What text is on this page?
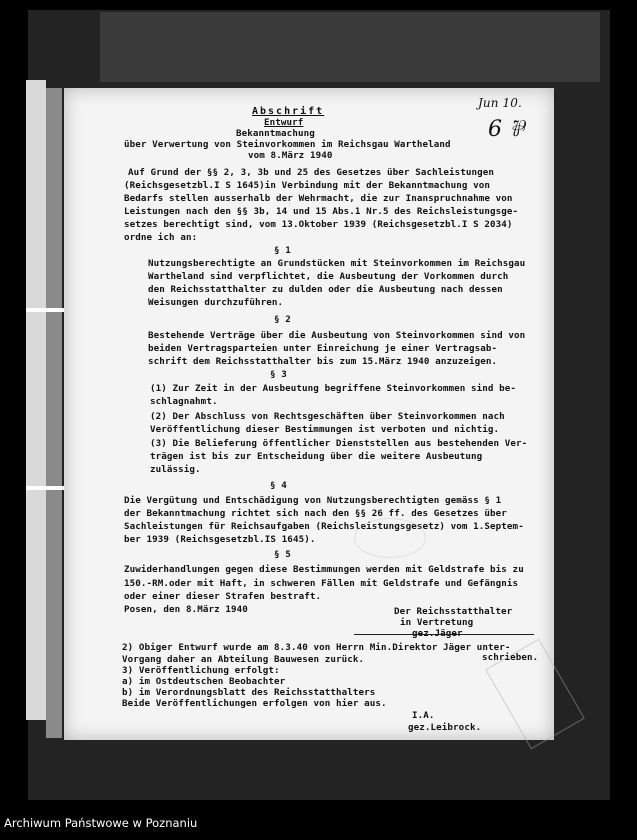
Abschrift
Entwurf
Jun 10.
6 ⅌
Bekanntmachung
über Verwertung von Steinvorkommen im Reichsgau Wartheland
vom 8.März 1940
Auf Grund der §§ 2, 3, 3b und 25 des Gesetzes über Sachleistungen
(Reichsgesetzbl.I S 1645)in Verbindung mit der Bekanntmachung von
Bedarfs stellen ausserhalb der Wehrmacht, die zur Inanspruchnahme von
Leistungen nach den §§ 3b, 14 und 15 Abs.1 Nr.5 des Reichsleistungsge-
setzes berechtigt sind, vom 13.Oktober 1939 (Reichsgesetzbl.I S 2034)
ordne ich an:
§ 1
Nutzungsberechtigte an Grundstücken mit Steinvorkommen im Reichsgau
Wartheland sind verpflichtet, die Ausbeutung der Vorkommen durch
den Reichsstatthalter zu dulden oder die Ausbeutung nach dessen
Weisungen durchzuführen.
§ 2
Bestehende Verträge über die Ausbeutung von Steinvorkommen sind von
beiden Vertragsparteien unter Einreichung je einer Vertragsab-
schrift dem Reichsstatthalter bis zum 15.März 1940 anzuzeigen.
§ 3
(1) Zur Zeit in der Ausbeutung begriffene Steinvorkommen sind be-
schlagnahmt.
(2) Der Abschluss von Rechtsgeschäften über Steinvorkommen nach
Veröffentlichung dieser Bestimmungen ist verboten und nichtig.
(3) Die Belieferung öffentlicher Dienststellen aus bestehenden Ver-
trägen ist bis zur Entscheidung über die weitere Ausbeutung
zulässig.
§ 4
Die Vergütung und Entschädigung von Nutzungsberechtigten gemäss § 1
der Bekanntmachung richtet sich nach den §§ 26 ff. des Gesetzes über
Sachleistungen für Reichsaufgaben (Reichsleistungsgesetz) vom 1.Septem-
ber 1939 (Reichsgesetzbl.IS 1645).
§ 5
Zuwiderhandlungen gegen diese Bestimmungen werden mit Geldstrafe bis zu
150.-RM.oder mit Haft, in schweren Fällen mit Geldstrafe und Gefängnis
oder einer dieser Strafen bestraft.
Posen, den 8.März 1940	Der Reichsstatthalter
in Vertretung
gez.Jäger
2) Obiger Entwurf wurde am 8.3.40 von Herrn Min.Direktor Jäger unter-
schrieben.
Vorgang daher an Abteilung Bauwesen zurück.
3) Veröffentlichung erfolgt:
a) im Ostdeutschen Beobachter
b) im Verordnungsblatt des Reichsstatthalters
Beide Veröffentlichungen erfolgen von hier aus.
I.A.
gez.Leibrock.
Archiwum Państwowe w Poznaniu
